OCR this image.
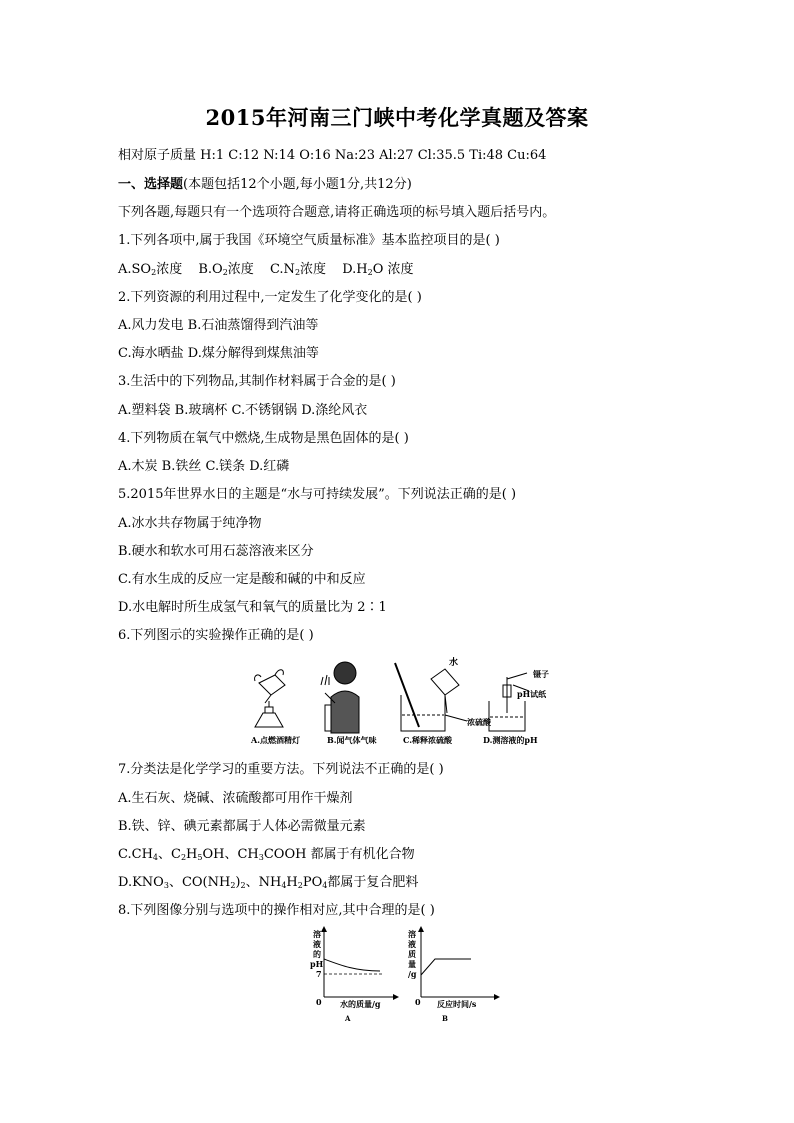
2015年河南三门峡中考化学真题及答案
相对原子质量 H:1 C:12 N:14 O:16 Na:23 Al:27 Cl:35.5 Ti:48 Cu:64
一、选择题(本题包括12个小题,每小题1分,共12分)
下列各题,每题只有一个选项符合题意,请将正确选项的标号填入题后括号内。
1.下列各项中,属于我国《环境空气质量标准》基本监控项目的是( )
$A.SO_2$浓度 $B.O_2$浓度 $C.N_2$浓度 $D.H_2O$ 浓度
2.下列资源的利用过程中,一定发生了化学变化的是( )
A.风力发电 B.石油蒸馏得到汽油等
C.海水晒盐 D.煤分解得到煤焦油等
3.生活中的下列物品,其制作材料属于合金的是( )
A.塑料袋 B.玻璃杯 C.不锈钢锅 D.涤纶风衣
4.下列物质在氧气中燃烧,生成物是黑色固体的是( )
A.木炭 B.铁丝 C.镁条 D.红磷
5.2015年世界水日的主题是“水与可持续发展”。下列说法正确的是( )
A.冰水共存物属于纯净物
B.硬水和软水可用石蕊溶液来区分
C.有水生成的反应一定是酸和碱的中和反应
D.水电解时所生成氢气和氧气的质量比为 2∶1
6.下列图示的实验操作正确的是( )
A.点燃酒精灯	B.闻气体气味
水
浓硫酸
C.稀释浓硫酸
镊子
pH试纸
D.测溶液的pH
7.分类法是化学学习的重要方法。下列说法不正确的是( )
A.生石灰、烧碱、浓硫酸都可用作干燥剂
B.铁、锌、碘元素都属于人体必需微量元素
$C.CH_4$、$C_2H_5OH$、$CH_3COOH$ 都属于有机化合物
$D.KNO_3$、$CO(NH_2)_2$、$NH_4H_2PO_4$都属于复合肥料
8.下列图像分别与选项中的操作相对应,其中合理的是( )
溶
液
的
pH
7
0 水的质量/g
A
溶
液
质
量
/g
0 反应时间/s
B
